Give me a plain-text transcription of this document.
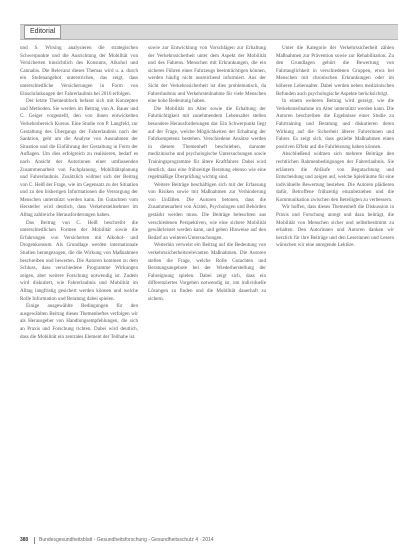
Editorial

und S. Wirsing analysieren die strategischen Schwerpunkte und die Ausrichtung der Mobilität von Versicherten hinsichtlich des Konsums, Alkohol und Cannabis. Die Relevanz dieses Themas wird u. a. durch ein Stufenangebot unterstrichen, das zeigt, dass unterschiedliche Versicherungen in Form von Einschränkungen der Fahrerlaubnis bei 2016 erfolgen.

Der letzte Themenblock befasst sich mit Konzepten und Methoden. Sie werden im Beitrag von A. Bauer und C. Geiger vorgestellt, den von ihnen entwickelten Verkehrsbereich Kursus. Eine Studie von P. Langfeld, zur Gestaltung des Übergangs der Fahrerlaubnis nach der Sanktion, geht um die Analyse von Ausnahmen der Situation und die Einführung der Gestaltung in Form der Auflagen. Um dies erfolgreich zu realisieren, bedarf es nach Ansicht der Autorinnen einer umfassenden Zusammenarbeit von Fachplanung, Mobilitätsplanung und Fahrerlaubnis. Zusätzlich widmet sich der Beitrag von C. Heiß der Frage, wie im Gegensatz zu der Situation und zu den bisherigen Informationen die Versorgung der Menschen unterstützt werden kann. Im Gutachten vom Hersteller wird deutlich, dass Verkehrsteilnehmer im Alltag zahlreiche Herausforderungen haben.

Das Beitrag von C. Heiß beschreibt die unterschiedlichen Formen der Mobilität sowie die Erfahrungen von Versicherten mit Alkohol- und Drogenkonsum. Als Grundlage werden internationale Studien herangezogen, die die Wirkung von Maßnahmen beschreiben und bewerten. Die Autoren kommen zu dem Schluss, dass verschiedene Programme Wirkungen zeigen, aber weitere Forschung notwendig ist. Zudem wird diskutiert, wie Fahrerlaubnis und Mobilität im Alltag langfristig gesichert werden können und welche Rolle Information und Beratung dabei spielen.

Einige ausgewählte Bedingungen für den ausgewählten Beitrag dieses Themenheftes verfolgen wir als Herausgeber von Handlungsempfehlungen, die sich an Praxis und Forschung richten. Dabei wird deutlich, dass die Mobilität ein zentrales Element der Teilhabe ist.

sowie zur Entwicklung von Vorschlägen zur Erhaltung der Verkehrssicherheit unter dem Aspekt der Mobilität und des Fahrens. Menschen mit Erkrankungen, die ein sicheres Führen eines Fahrzeugs beeinträchtigen können, werden häufig nicht ausreichend informiert. Aus der Sicht der Verkehrssicherheit ist dies problematisch, da Fahrerlaubnis und Verkehrsteilnahme für viele Menschen eine hohe Bedeutung haben.

Die Mobilität im Alter sowie die Erhaltung der Fahrtüchtigkeit mit zunehmendem Lebensalter stellen besondere Herausforderungen dar. Ein Schwerpunkt liegt auf der Frage, welche Möglichkeiten der Erhaltung der Fahrkompetenz bestehen. Verschiedene Ansätze werden in diesem Themenheft beschrieben, darunter medizinische und psychologische Untersuchungen sowie Trainingsprogramme für ältere Kraftfahrer. Dabei wird deutlich, dass eine frühzeitige Beratung ebenso wie eine regelmäßige Überprüfung wichtig sind.

Weitere Beiträge beschäftigen sich mit der Erfassung von Risiken sowie mit Maßnahmen zur Verhinderung von Unfällen. Die Autoren betonen, dass die Zusammenarbeit von Ärzten, Psychologen und Behörden gestärkt werden muss. Die Beiträge beleuchten aus verschiedenen Perspektiven, wie eine sichere Mobilität gewährleistet werden kann, und geben Hinweise auf den Bedarf an weiteren Untersuchungen.

Weiterhin verweist ein Beitrag auf die Bedeutung von verkehrssicherheitsrelevanten Maßnahmen. Die Autoren stellen die Frage, welche Rolle Gutachten und Beratungsangebote bei der Wiederherstellung der Fahreignung spielen. Dabei zeigt sich, dass ein differenziertes Vorgehen notwendig ist, um individuelle Lösungen zu finden und die Mobilität dauerhaft zu sichern.

Unter die Kategorie der Verkehrssicherheit zählen Maßnahmen zur Prävention sowie zur Rehabilitation. Zu den Grundlagen gehört die Bewertung von Fahrtauglichkeit in verschiedenen Gruppen, etwa bei Menschen mit chronischen Erkrankungen oder im höheren Lebensalter. Dabei werden neben medizinischen Befunden auch psychologische Aspekte berücksichtigt.

In einem weiteren Beitrag wird gezeigt, wie die Verkehrsteilnahme im Alter unterstützt werden kann. Die Autoren beschreiben die Ergebnisse einer Studie zu Fahrtraining und Beratung und diskutieren deren Wirkung auf die Sicherheit älterer Fahrerinnen und Fahrer. Es zeigt sich, dass gezielte Maßnahmen einen positiven Effekt auf die Fahrleistung haben können.

Abschließend widmen sich mehrere Beiträge den rechtlichen Rahmenbedingungen der Fahrerlaubnis. Sie erläutern die Abläufe von Begutachtung und Entscheidung und zeigen auf, welche Spielräume für eine individuelle Bewertung bestehen. Die Autoren plädieren dafür, Betroffene frühzeitig einzubeziehen und die Kommunikation zwischen den Beteiligten zu verbessern.

Wir hoffen, dass dieses Themenheft die Diskussion in Praxis und Forschung anregt und dazu beiträgt, die Mobilität von Menschen sicher und selbstbestimmt zu erhalten. Den Autorinnen und Autoren danken wir herzlich für ihre Beiträge und den Leserinnen und Lesern wünschen wir eine anregende Lektüre.

380 Bundesgesundheitsblatt - Gesundheitsforschung - Gesundheitsschutz 4 · 2014
